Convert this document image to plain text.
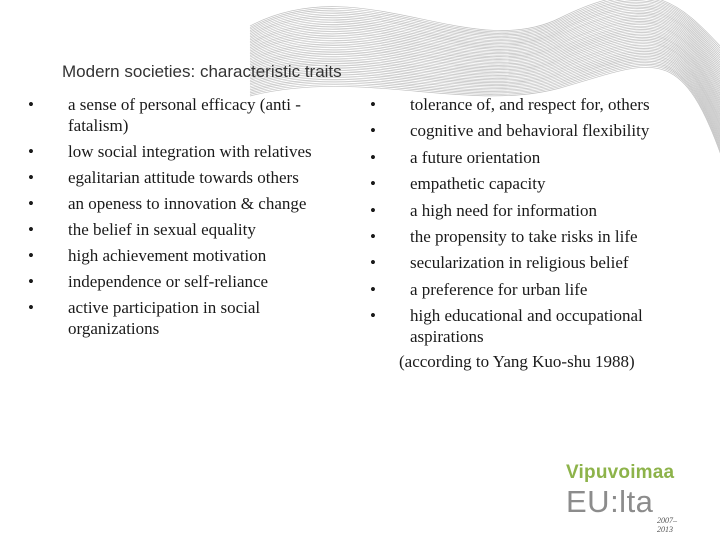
Modern societies: characteristic traits
• a sense of personal efficacy (anti -fatalism)
• low social integration with relatives
• egalitarian attitude towards others
• an openess to innovation & change
• the belief in sexual equality
• high achievement motivation
• independence or self-reliance
• active participation in social organizations
• tolerance of, and respect for, others
• cognitive and behavioral flexibility
• a future orientation
• empathetic capacity
• a high need for information
• the propensity to take risks in life
• secularization in religious belief
• a preference for urban life
• high educational and occupational aspirations
(according to Yang Kuo-shu 1988)
Vipuvoimaa
EU:lta
2007–2013
